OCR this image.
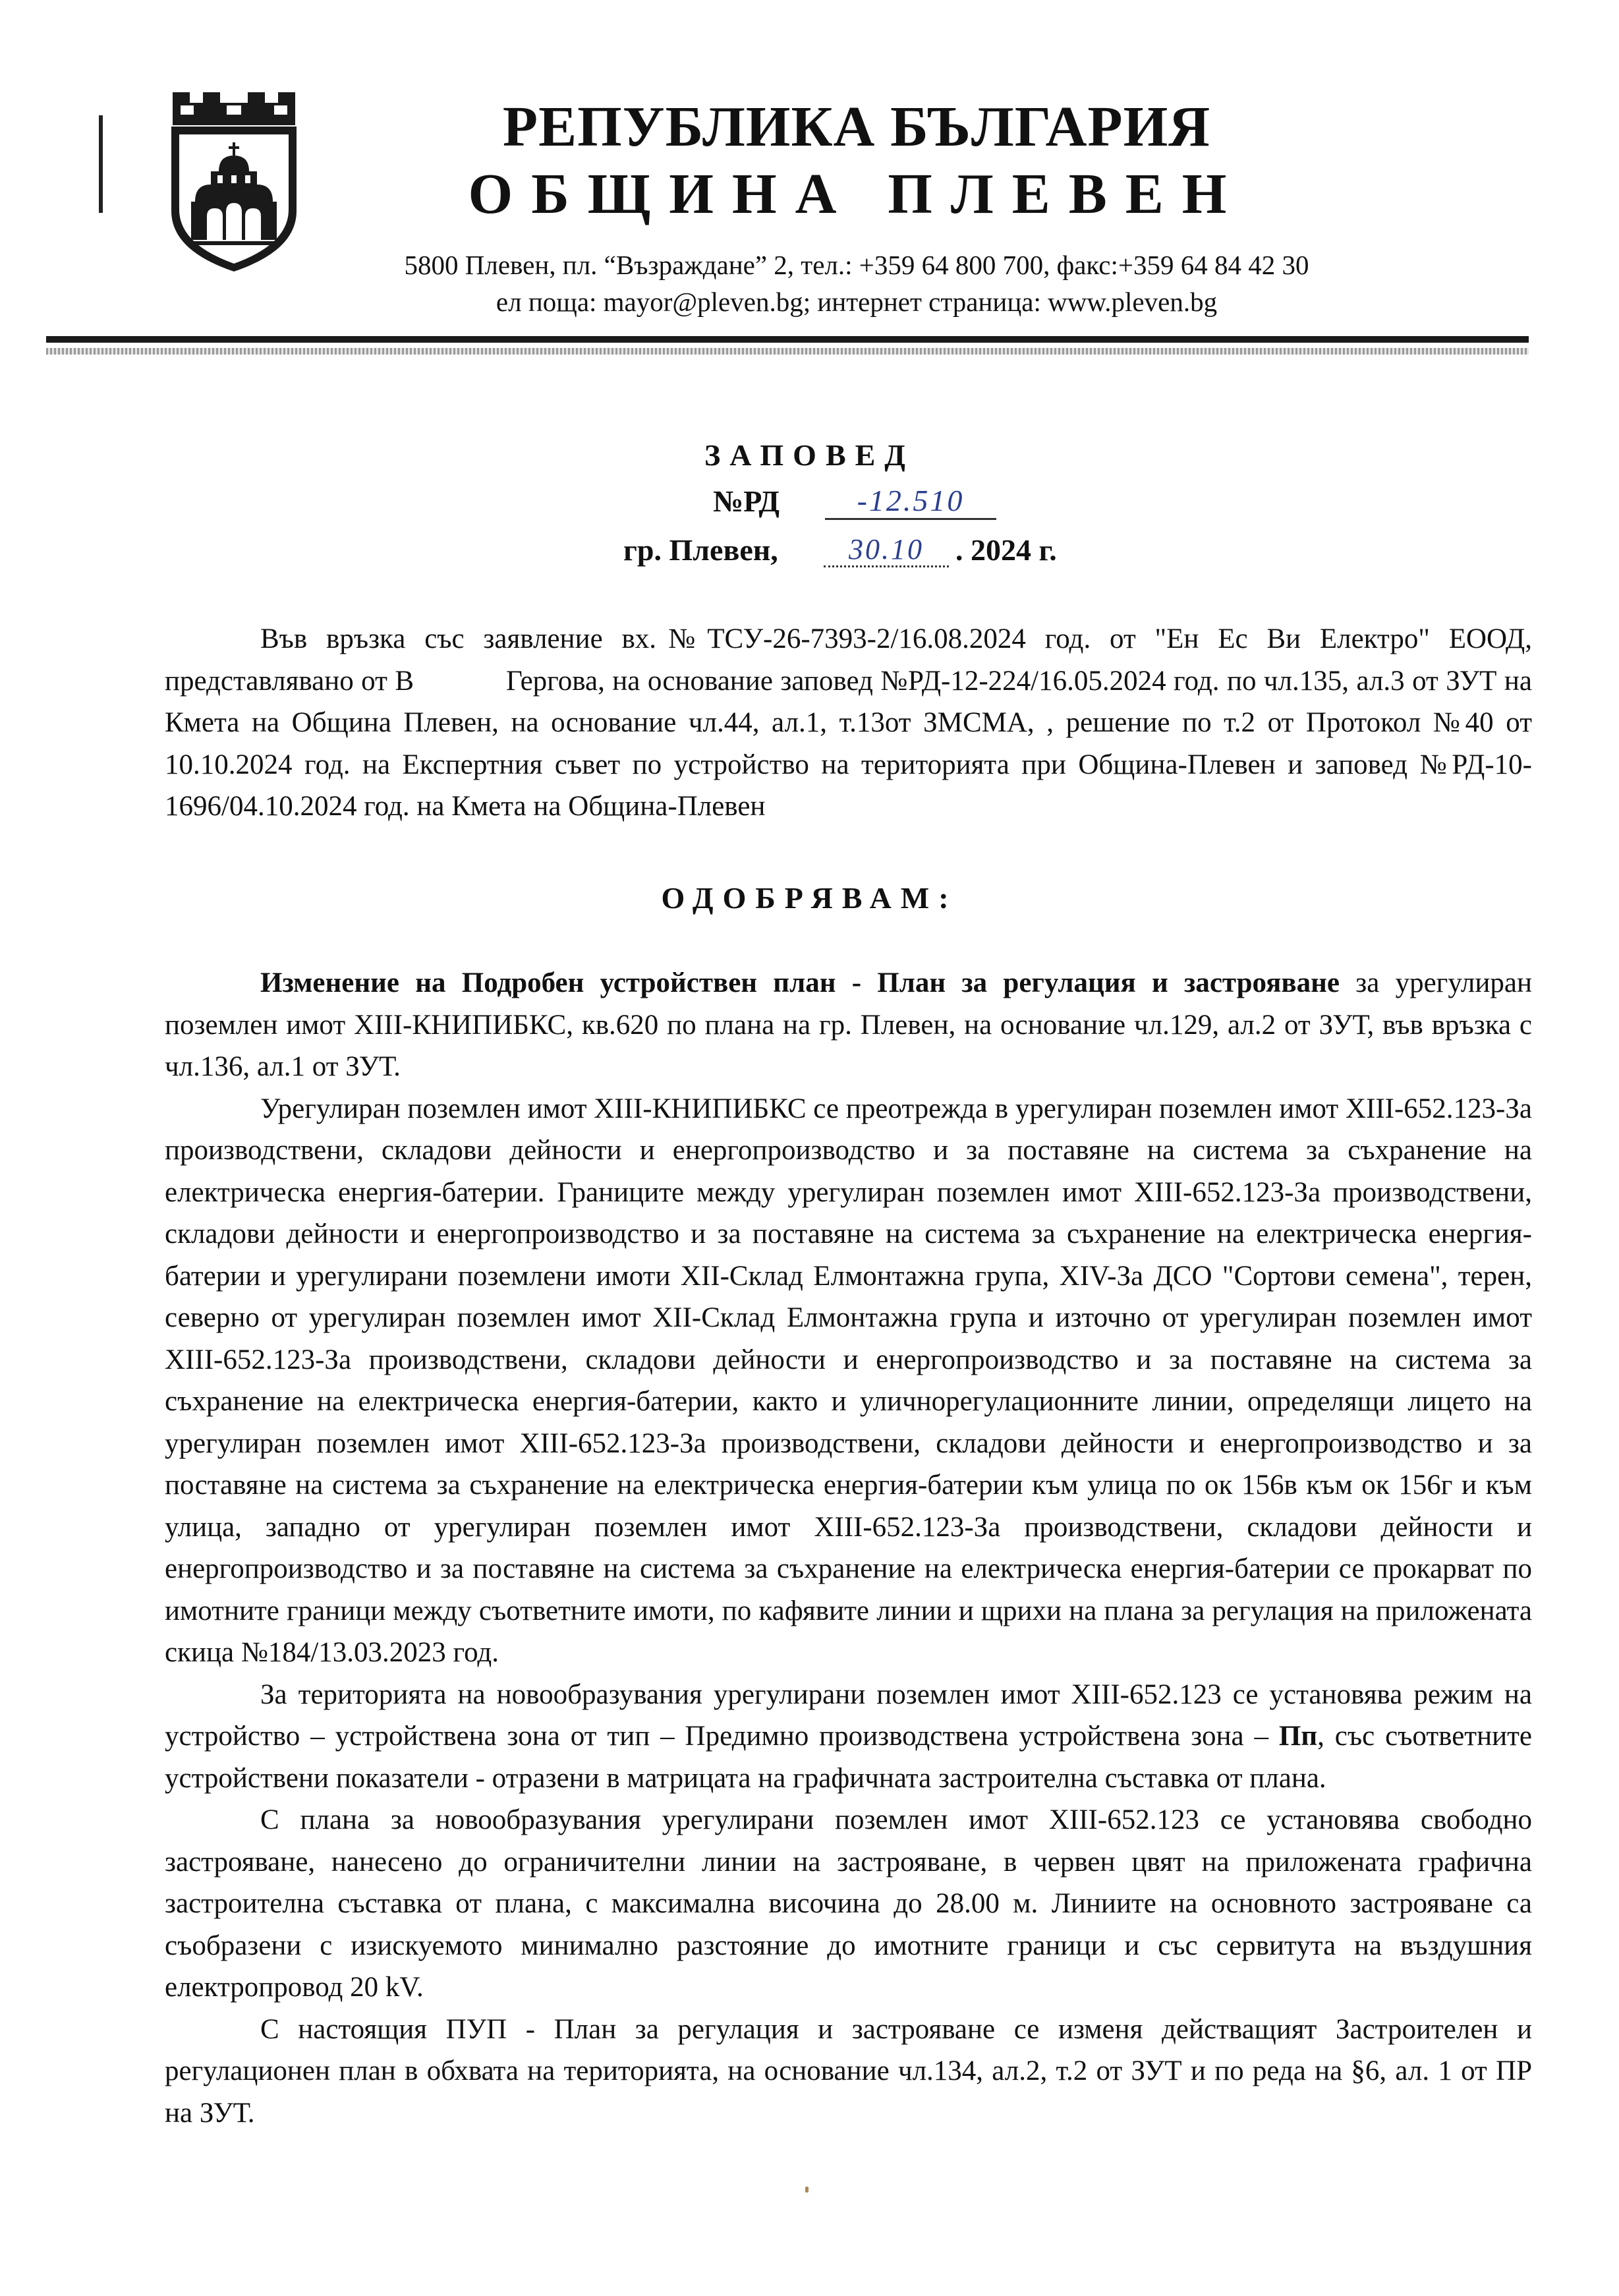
РЕПУБЛИКА БЪЛГАРИЯ
ОБЩИНА ПЛЕВЕН
5800 Плевен, пл. “Възраждане” 2, тел.: +359 64 800 700, факс:+359 64 84 42 30
ел поща: mayor@pleven.bg; интернет страница: www.pleven.bg
ЗАПОВЕД
№РД	-12.510
гр. Плевен,	30.10	. 2024 г.

Във връзка със заявление вх.№ТСУ-26-7393-2/16.08.2024 год. от "Ен Ес Ви Електро" ЕООД, представлявано от В	Гергова, на основание заповед №РД-12-224/16.05.2024 год. по чл.135, ал.3 от ЗУТ на Кмета на Община Плевен, на основание чл.44, ал.1, т.13от ЗМСМА, , решение по т.2 от Протокол №40 от 10.10.2024 год. на Експертния съвет по устройство на територията при Община-Плевен и заповед №РД-10-1696/04.10.2024 год. на Кмета на Община-Плевен

ОДОБРЯВАМ:

Изменение на Подробен устройствен план - План за регулация и застрояване за урегулиран поземлен имот XIII-КНИПИБКС, кв.620 по плана на гр. Плевен, на основание чл.129, ал.2 от ЗУТ, във връзка с чл.136, ал.1 от ЗУТ.

Урегулиран поземлен имот XIII-КНИПИБКС се преотрежда в урегулиран поземлен имот XIII-652.123-За производствени, складови дейности и енергопроизводство и за поставяне на система за съхранение на електрическа енергия-батерии. Границите между урегулиран поземлен имот XIII-652.123-За производствени, складови дейности и енергопроизводство и за поставяне на система за съхранение на електрическа енергия-батерии и урегулирани поземлени имоти XII-Склад Елмонтажна група, XIV-За ДСО "Сортови семена", терен, северно от урегулиран поземлен имот XII-Склад Елмонтажна група и източно от урегулиран поземлен имот XIII-652.123-За производствени, складови дейности и енергопроизводство и за поставяне на система за съхранение на електрическа енергия-батерии, както и уличнорегулационните линии, определящи лицето на урегулиран поземлен имот XIII-652.123-За производствени, складови дейности и енергопроизводство и за поставяне на система за съхранение на електрическа енергия-батерии към улица по ок 156в към ок 156г и към улица, западно от урегулиран поземлен имот XIII-652.123-За производствени, складови дейности и енергопроизводство и за поставяне на система за съхранение на електрическа енергия-батерии се прокарват по имотните граници между съответните имоти, по кафявите линии и щрихи на плана за регулация на приложената скица №184/13.03.2023 год.

За територията на новообразувания урегулирани поземлен имот XIII-652.123 се установява режим на устройство – устройствена зона от тип – Предимно производствена устройствена зона – Пп, със съответните устройствени показатели - отразени в матрицата на графичната застроителна съставка от плана.

С плана за новообразувания урегулирани поземлен имот XIII-652.123 се установява свободно застрояване, нанесено до ограничителни линии на застрояване, в червен цвят на приложената графична застроителна съставка от плана, с максимална височина до 28.00 м. Линиите на основното застрояване са съобразени с изискуемото минимално разстояние до имотните граници и със сервитута на въздушния електропровод 20 kV.

С настоящия ПУП - План за регулация и застрояване се изменя действащият Застроителен и регулационен план в обхвата на територията, на основание чл.134, ал.2, т.2 от ЗУТ и по реда на §6, ал. 1 от ПР на ЗУТ.
